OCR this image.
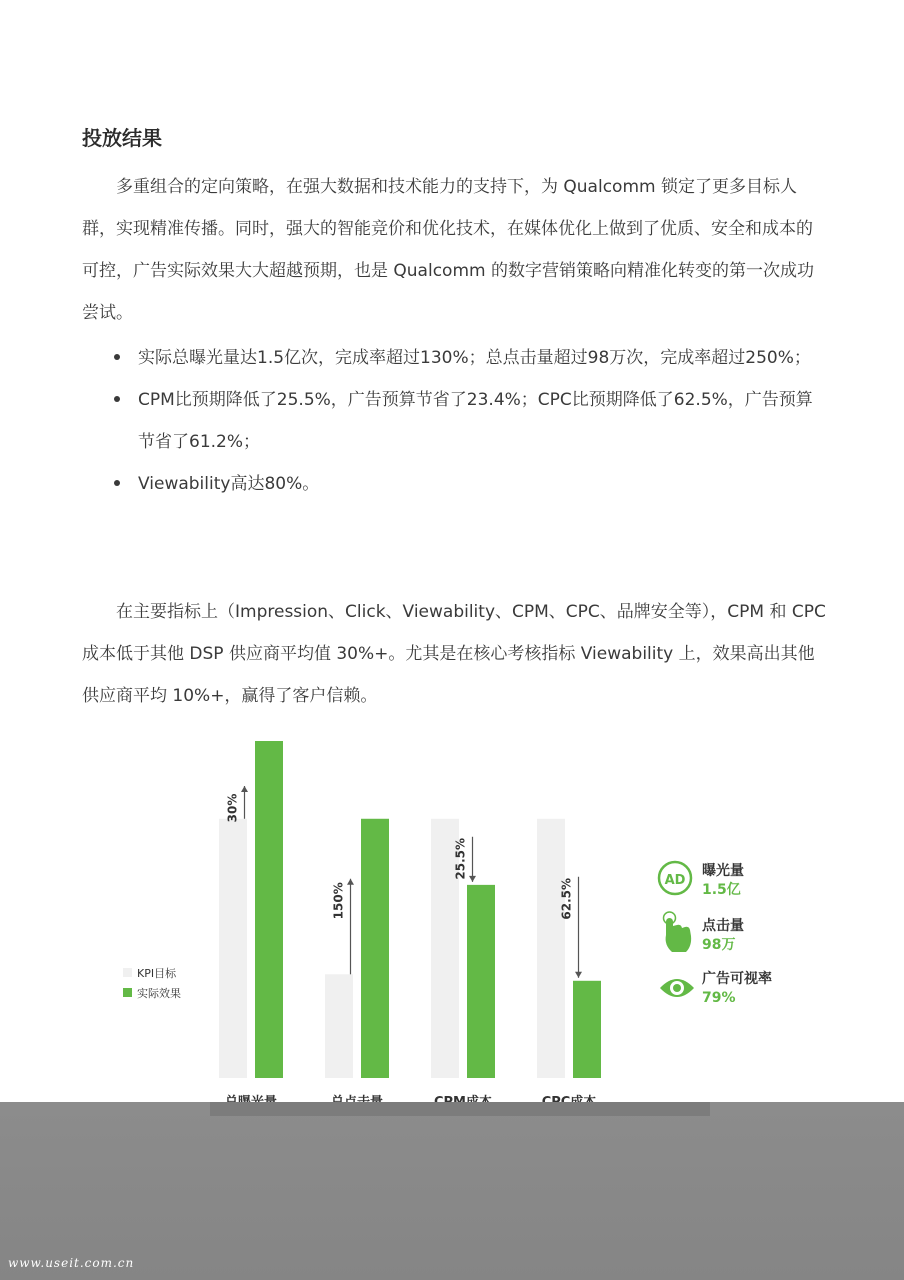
投放结果

多重组合的定向策略，在强大数据和技术能力的支持下，为 Qualcomm 锁定了更多目标人群，实现精准传播。同时，强大的智能竞价和优化技术，在媒体优化上做到了优质、安全和成本的可控，广告实际效果大大超越预期，也是 Qualcomm 的数字营销策略向精准化转变的第一次成功尝试。

实际总曝光量达1.5亿次，完成率超过130%；总点击量超过98万次，完成率超过250%；
CPM比预期降低了25.5%，广告预算节省了23.4%；CPC比预期降低了62.5%，广告预算节省了61.2%；
Viewability高达80%。

在主要指标上（Impression、Click、Viewability、CPM、CPC、品牌安全等），CPM 和 CPC 成本低于其他 DSP 供应商平均值 30%+。尤其是在核心考核指标 Viewability 上，效果高出其他供应商平均 10%+，赢得了客户信赖。

30%
150%
25.5%
62.5%
KPI目标
实际效果
AD
曝光量
1.5亿
点击量
98万
广告可视率
79%
www.useit.com.cn
